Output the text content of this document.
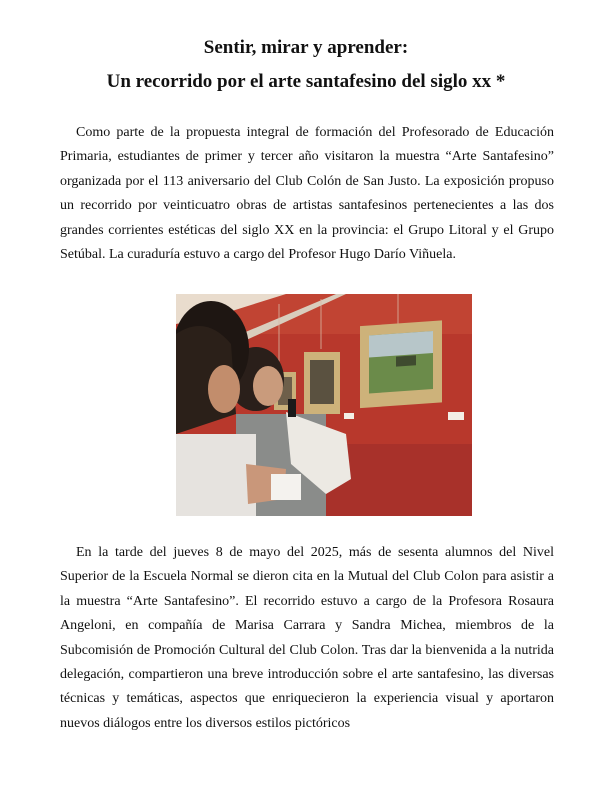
Sentir, mirar y aprender:
Un recorrido por el arte santafesino del siglo xx *

Como parte de la propuesta integral de formación del Profesorado de Educación Primaria, estudiantes de primer y tercer año visitaron la muestra “Arte Santafesino” organizada por el 113 aniversario del Club Colón de San Justo. La exposición propuso un recorrido por veinticuatro obras de artistas santafesinos pertenecientes a las dos grandes corrientes estéticas del siglo XX en la provincia: el Grupo Litoral y el Grupo Setúbal. La curaduría estuvo a cargo del Profesor Hugo Darío Viñuela.

En la tarde del jueves 8 de mayo del 2025, más de sesenta alumnos del Nivel Superior de la Escuela Normal se dieron cita en la Mutual del Club Colon para asistir a la muestra “Arte Santafesino”. El recorrido estuvo a cargo de la Profesora Rosaura Angeloni, en compañía de Marisa Carrara y Sandra Michea, miembros de la Subcomisión de Promoción Cultural del Club Colon. Tras dar la bienvenida a la nutrida delegación, compartieron una breve introducción sobre el arte santafesino, las diversas técnicas y temáticas, aspectos que enriquecieron la experiencia visual y aportaron nuevos diálogos entre los diversos estilos pictóricos
